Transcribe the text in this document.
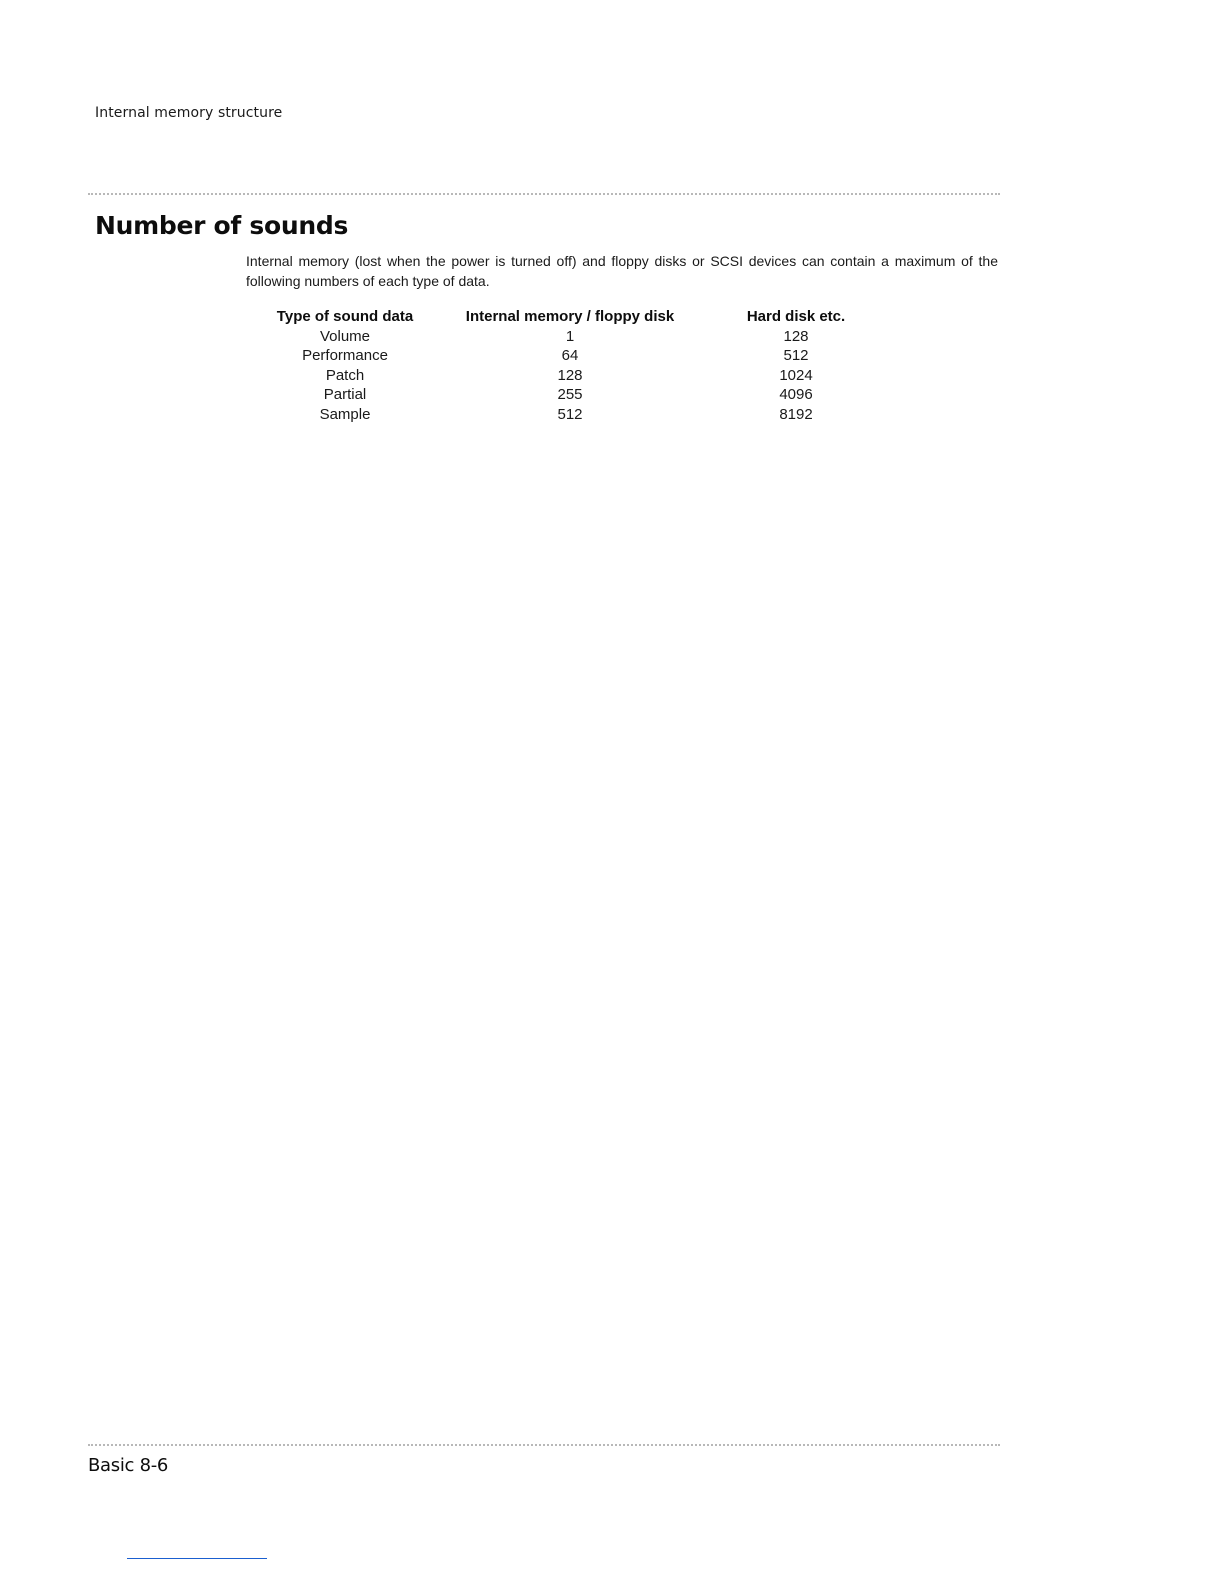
Internal memory structure
Number of sounds

Internal memory (lost when the power is turned off) and floppy disks or SCSI devices can contain a maximum of the following numbers of each type of data.

Type of sound data	Internal memory / floppy disk	Hard disk etc.
Volume	1	128
Performance	64	512
Patch	128	1024
Partial	255	4096
Sample	512	8192
Basic 8-6
